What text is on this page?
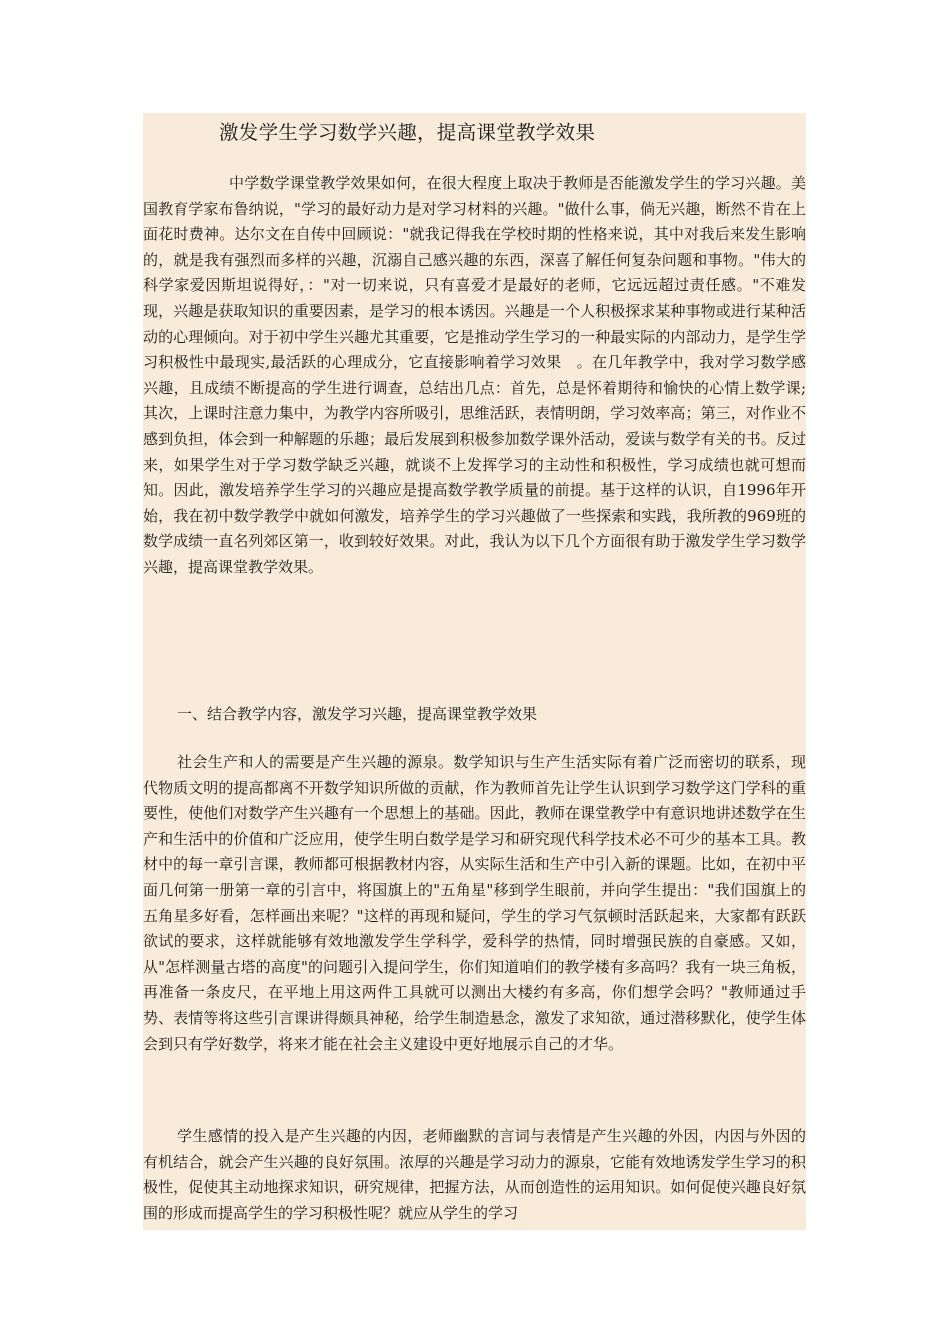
激发学生学习数学兴趣，提高课堂教学效果

中学数学课堂教学效果如何，在很大程度上取决于教师是否能激发学生的学习兴趣。美国教育学家布鲁纳说，"学习的最好动力是对学习材料的兴趣。"做什么事，倘无兴趣，断然不肯在上面花时费神。达尔文在自传中回顾说："就我记得我在学校时期的性格来说，其中对我后来发生影响的，就是我有强烈而多样的兴趣，沉溺自己感兴趣的东西，深喜了解任何复杂问题和事物。"伟大的科学家爱因斯坦说得好，："对一切来说，只有喜爱才是最好的老师，它远远超过责任感。"不难发现，兴趣是获取知识的重要因素，是学习的根本诱因。兴趣是一个人积极探求某种事物或进行某种活动的心理倾向。对于初中学生兴趣尤其重要，它是推动学生学习的一种最实际的内部动力，是学生学习积极性中最现实,最活跃的心理成分，它直接影响着学习效果　。在几年教学中，我对学习数学感兴趣，且成绩不断提高的学生进行调查，总结出几点：首先，总是怀着期待和愉快的心情上数学课;其次，上课时注意力集中，为教学内容所吸引，思维活跃，表情明朗，学习效率高；第三，对作业不感到负担，体会到一种解题的乐趣；最后发展到积极参加数学课外活动，爱读与数学有关的书。反过来，如果学生对于学习数学缺乏兴趣，就谈不上发挥学习的主动性和积极性，学习成绩也就可想而知。因此，激发培养学生学习的兴趣应是提高数学教学质量的前提。基于这样的认识，自1996年开始，我在初中数学教学中就如何激发，培养学生的学习兴趣做了一些探索和实践，我所教的969班的数学成绩一直名列郊区第一，收到较好效果。对此，我认为以下几个方面很有助于激发学生学习数学兴趣，提高课堂教学效果。

一、结合教学内容，激发学习兴趣，提高课堂教学效果

社会生产和人的需要是产生兴趣的源泉。数学知识与生产生活实际有着广泛而密切的联系，现代物质文明的提高都离不开数学知识所做的贡献，作为教师首先让学生认识到学习数学这门学科的重要性，使他们对数学产生兴趣有一个思想上的基础。因此，教师在课堂教学中有意识地讲述数学在生产和生活中的价值和广泛应用，使学生明白数学是学习和研究现代科学技术必不可少的基本工具。教材中的每一章引言课，教师都可根据教材内容，从实际生活和生产中引入新的课题。比如，在初中平面几何第一册第一章的引言中，将国旗上的"五角星"移到学生眼前，并向学生提出："我们国旗上的五角星多好看，怎样画出来呢？"这样的再现和疑问，学生的学习气氛顿时活跃起来，大家都有跃跃欲试的要求，这样就能够有效地激发学生学科学，爱科学的热情，同时增强民族的自豪感。又如，从"怎样测量古塔的高度"的问题引入提问学生，你们知道咱们的教学楼有多高吗？我有一块三角板，再准备一条皮尺，在平地上用这两件工具就可以测出大楼约有多高，你们想学会吗？"教师通过手势、表情等将这些引言课讲得颇具神秘，给学生制造悬念，激发了求知欲，通过潜移默化，使学生体会到只有学好数学，将来才能在社会主义建设中更好地展示自己的才华。

学生感情的投入是产生兴趣的内因，老师幽默的言词与表情是产生兴趣的外因，内因与外因的有机结合，就会产生兴趣的良好氛围。浓厚的兴趣是学习动力的源泉，它能有效地诱发学生学习的积极性，促使其主动地探求知识，研究规律，把握方法，从而创造性的运用知识。如何促使兴趣良好氛围的形成而提高学生的学习积极性呢？就应从学生的学习
